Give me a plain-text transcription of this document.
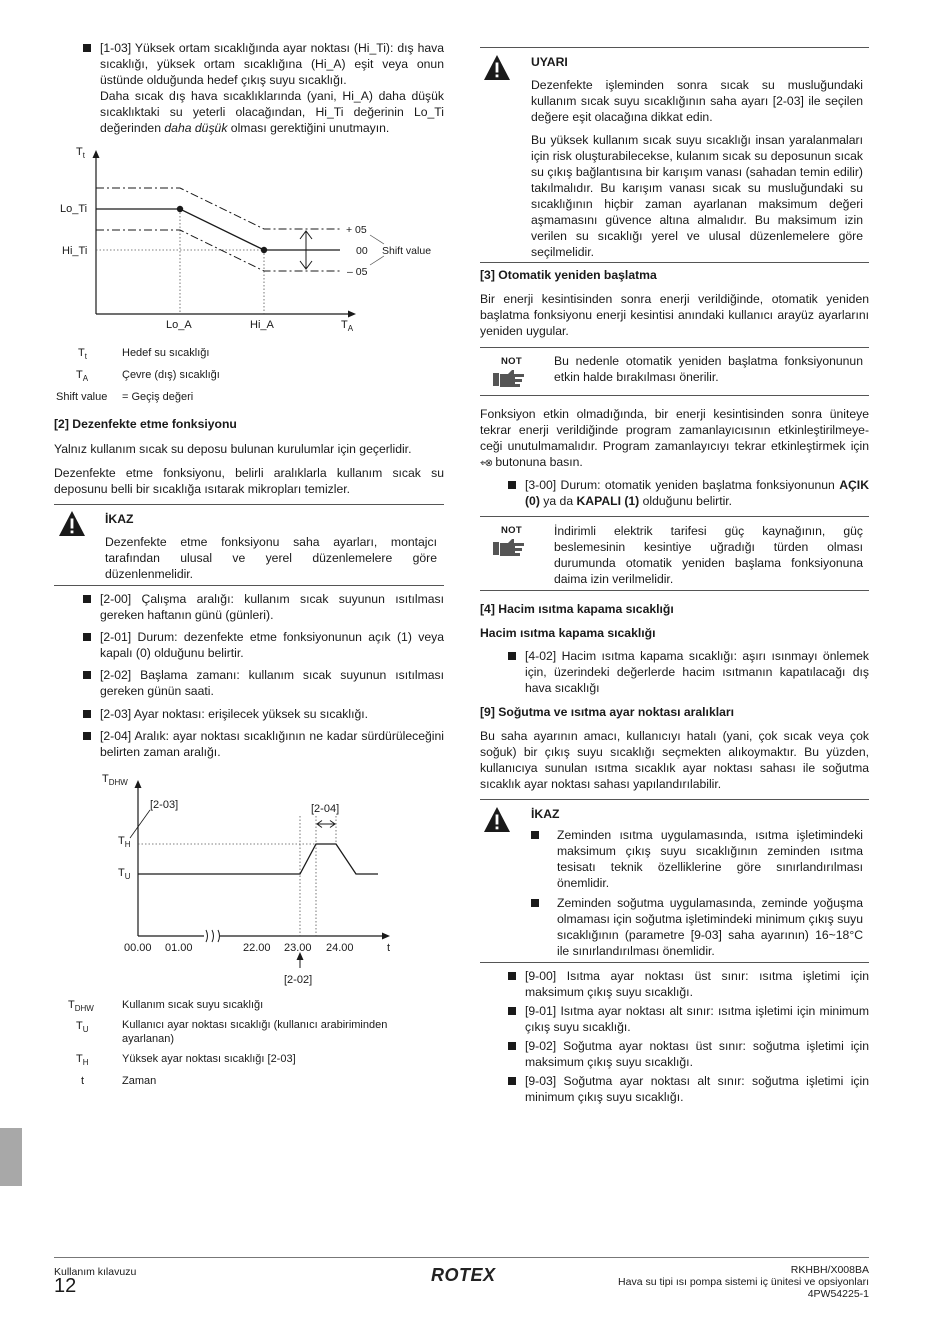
[1-03] Yüksek ortam sıcaklığında ayar noktası (Hi_Ti): dış hava sıcaklığı, yüksek ortam sıcaklığına (Hi_A) eşit veya onun üstünde olduğunda hedef çıkış suyu sıcaklığı.

Daha sıcak dış hava sıcaklıklarında (yani, Hi_A) daha düşük sıcaklıktaki su yeterli olacağından, Hi_Ti değerinin Lo_Ti değerinden daha düşük olması gerektiğini unutmayın.

$T_t$
Lo_Ti
Hi_Ti
Lo_A	Hi_A	$T_A$
+ 05
00
– 05
Shift value
$T_t$	Hedef su sıcaklığı
$T_A$	Çevre (dış) sıcaklığı
Shift value = Geçiş değeri

[2] Dezenfekte etme fonksiyonu

Yalnız kullanım sıcak su deposu bulunan kurulumlar için geçerlidir.

Dezenfekte etme fonksiyonu, belirli aralıklarla kullanım sıcak su deposunu belli bir sıcaklığa ısıtarak mikropları temizler.

İKAZ

Dezenfekte etme fonksiyonu saha ayarları, montajcı tarafından ulusal ve yerel düzenlemelere göre düzenlenmelidir.

[2-00] Çalışma aralığı: kullanım sıcak suyunun ısıtılması gereken haftanın günü (günleri).

[2-01] Durum: dezenfekte etme fonksiyonunun açık (1) veya kapalı (0) olduğunu belirtir.

[2-02] Başlama zamanı: kullanım sıcak suyunun ısıtılması gereken günün saati.

[2-03] Ayar noktası: erişilecek yüksek su sıcaklığı.

[2-04] Aralık: ayar noktası sıcaklığının ne kadar sürdürüleceğini belirten zaman aralığı.

$T_{DHW}$
[2-03]	[2-04]
$T_H$
$T_U$
00.00 01.00	22.00 23.00 24.00	t
[2-02]
$T_{DHW}$	Kullanım sıcak suyu sıcaklığı
$T_U$	Kullanıcı ayar noktası sıcaklığı (kullanıcı arabiriminden ayarlanan)
$T_H$	Yüksek ayar noktası sıcaklığı [2-03]
t	Zaman

UYARI

Dezenfekte işleminden sonra sıcak su musluğundaki kullanım sıcak suyu sıcaklığının saha ayarı [2-03] ile seçilen değere eşit olacağına dikkat edin.

Bu yüksek kullanım sıcak suyu sıcaklığı insan yaralanmaları için risk oluşturabilecekse, kulanım sıcak su deposunun sıcak su çıkış bağlantısına bir karışım vanası (sahadan temin edilir) takılmalıdır. Bu karışım vanası sıcak su musluğundaki su sıcaklığının hiçbir zaman ayarlanan maksimum değeri aşmamasını güvence altına almalıdır. Bu maksimum izin verilen su sıcaklığı yerel ve ulusal düzenlemelere göre seçilmelidir.

[3] Otomatik yeniden başlatma

Bir enerji kesintisinden sonra enerji verildiğinde, otomatik yeniden başlatma fonksiyonu enerji kesintisi anındaki kullanıcı arayüz ayarlarını yeniden uygular.

NOT	Bu nedenle otomatik yeniden başlatma fonksiyonunun etkin halde bırakılması önerilir.

Fonksiyon etkin olmadığında, bir enerji kesintisinden sonra üniteye tekrar enerji verildiğinde program zamanlayıcısının etkinleştirilmeye-ceği unutulmamalıdır. Program zamanlayıcıyı tekrar etkinleştirmek için ⌖⊗ butonuna basın.

[3-00] Durum: otomatik yeniden başlatma fonksiyonunun AÇIK (0) ya da KAPALI (1) olduğunu belirtir.

NOT	İndirimli elektrik tarifesi güç kaynağının, güç beslemesinin kesintiye uğradığı türden olması durumunda otomatik yeniden başlama fonksiyonuna daima izin verilmelidir.

[4] Hacim ısıtma kapama sıcaklığı

Hacim ısıtma kapama sıcaklığı

[4-02] Hacim ısıtma kapama sıcaklığı: aşırı ısınmayı önlemek için, üzerindeki değerlerde hacim ısıtmanın kapatılacağı dış hava sıcaklığı

[9] Soğutma ve ısıtma ayar noktası aralıkları

Bu saha ayarının amacı, kullanıcıyı hatalı (yani, çok sıcak veya çok soğuk) bir çıkış suyu sıcaklığı seçmekten alıkoymaktır. Bu yüzden, kullanıcıya sunulan ısıtma sıcaklık ayar noktası sahası ile soğutma sıcaklık ayar noktası sahası yapılandırılabilir.

İKAZ

Zeminden ısıtma uygulamasında, ısıtma işletimindeki maksimum çıkış suyu sıcaklığının zeminden ısıtma tesisatı teknik özelliklerine göre sınırlandırılması önemlidir.

Zeminden soğutma uygulamasında, zeminde yoğuşma olmaması için soğutma işletimindeki minimum çıkış suyu sıcaklığının (parametre [9-03] saha ayarının) 16~18°C ile sınırlandırılması önemlidir.

[9-00] Isıtma ayar noktası üst sınır: ısıtma işletimi için maksimum çıkış suyu sıcaklığı.

[9-01] Isıtma ayar noktası alt sınır: ısıtma işletimi için minimum çıkış suyu sıcaklığı.

[9-02] Soğutma ayar noktası üst sınır: soğutma işletimi için maksimum çıkış suyu sıcaklığı.

[9-03] Soğutma ayar noktası alt sınır: soğutma işletimi için minimum çıkış suyu sıcaklığı.

Kullanım kılavuzu
12	ROTEX	RKHBH/X008BA
Hava su tipi ısı pompa sistemi iç ünitesi ve opsiyonları
4PW54225-1
